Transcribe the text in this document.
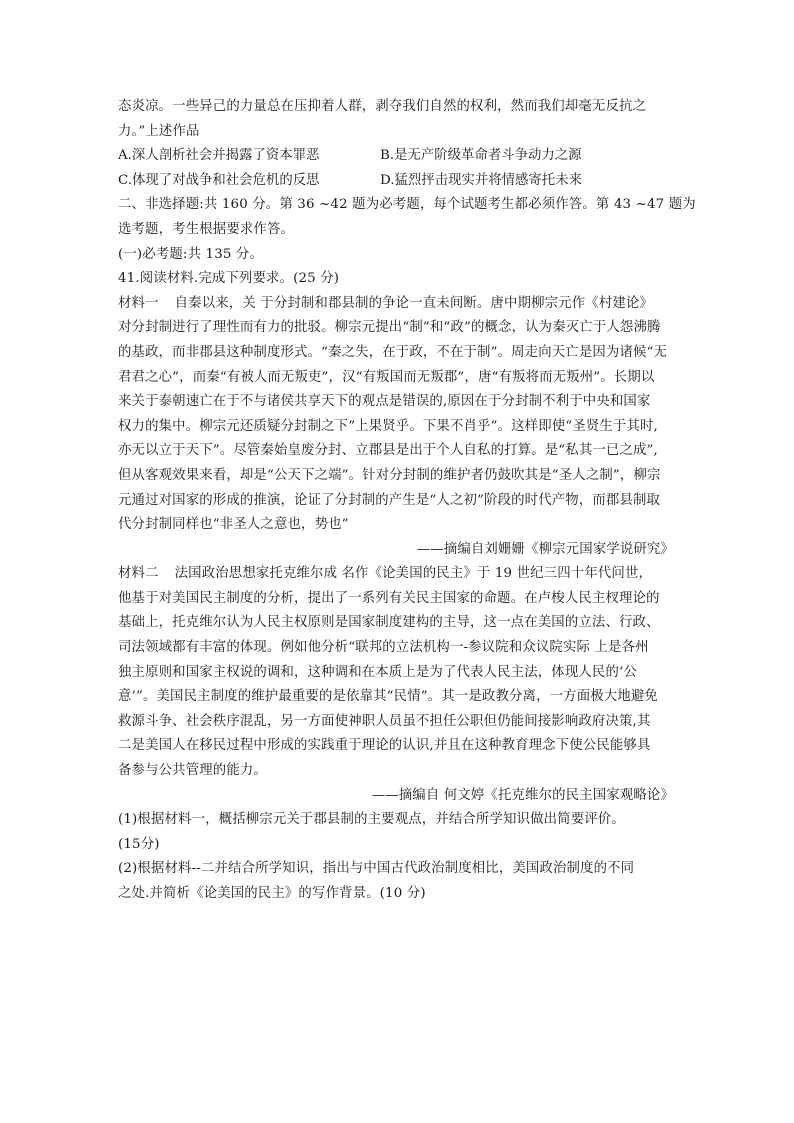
态炎凉。一些异己的力量总在压抑着人群，剥夺我们自然的权利，然而我们却毫无反抗之
力。”上述作品
A.深人剖析社会并揭露了资本罪恶	B.是无产阶级革命者斗争动力之源
C.体现了对战争和社会危机的反思	D.猛烈抨击现实并将情感寄托未来
二、非选择题:共 160 分。第 36 ~42 题为必考题，每个试题考生都必须作答。第 43 ~47 题为
选考题，考生根据要求作答。
(一)必考题:共 135 分。
41.阅读材料.完成下列要求。(25 分)
材料一 自秦以来，关 于分封制和郡县制的争论一直未间断。唐中期柳宗元作《村建论》
对分封制进行了理性而有力的批驳。柳宗元提出“制”和“政”的概念，认为秦灭亡于人怨沸腾
的基政，而非郡县这种制度形式。“秦之失，在于政，不在于制”。周走向天亡是因为诸候“无
君君之心”，而秦“有被人而无叛吏”，汉“有叛国而无叛郡”，唐“有叛将而无叛州”。长期以
来关于泰朝速亡在于不与诸侯共享天下的观点是错误的,原因在于分封制不利于中央和国家
权力的集中。柳宗元还质疑分封制之下”上果贤乎。下果不肖乎”。这样即使“圣贤生于其时,
亦无以立于天下”。尽管秦始皇废分封、立郡县是出于个人自私的打算。是“私其一已之成”,
但从客观效果来看，却是“公天下之端”。针对分封制的维护者仍鼓吹其是“圣人之制”，柳宗
元通过对国家的形成的推演，论证了分封制的产生是“人之初”阶段的时代产物，而郡县制取
代分封制同样也“非圣人之意也，势也”
——摘编自刘姗姗《柳宗元国家学说研究》
材料二 法国政治思想家托克维尔成 名作《论美国的民主》于 19 世纪三四十年代问世，
他基于对美国民主制度的分析，提出了一系列有关民主国家的命题。在卢梭人民主杈理论的
基础上，托克维尔认为人民主权原则是国家制度建构的主导，这一点在美国的立法、行政、
司法领域都有丰富的体现。例如他分析“联邦的立法机构一-参议院和众议院实际 上是各州
独主原则和国家主权说的调和，这种调和在本质上是为了代表人民主法，体现人民的‘公
意’”。美国民主制度的维护最重要的是依靠其“民情”。其一是政教分离，一方面极大地避免
救源斗争、社会秩序混乱，另一方面使神职人员虽不担任公职但仍能间接影响政府决策,其
二是美国人在移民过程中形成的实践重于理论的认识,并且在这种教育理念下使公民能够具
备参与公共管理的能力。
——摘编自 何文婷《托克维尔的民主国家观略论》
(1)根据材料一，概括柳宗元关于郡县制的主要观点，并结合所学知识做出简要评价。
(15分)
(2)根据材料--二并结合所学知识，指出与中国古代政治制度相比，美国政治制度的不同
之处.并简析《论美国的民主》的写作背景。(10 分)
